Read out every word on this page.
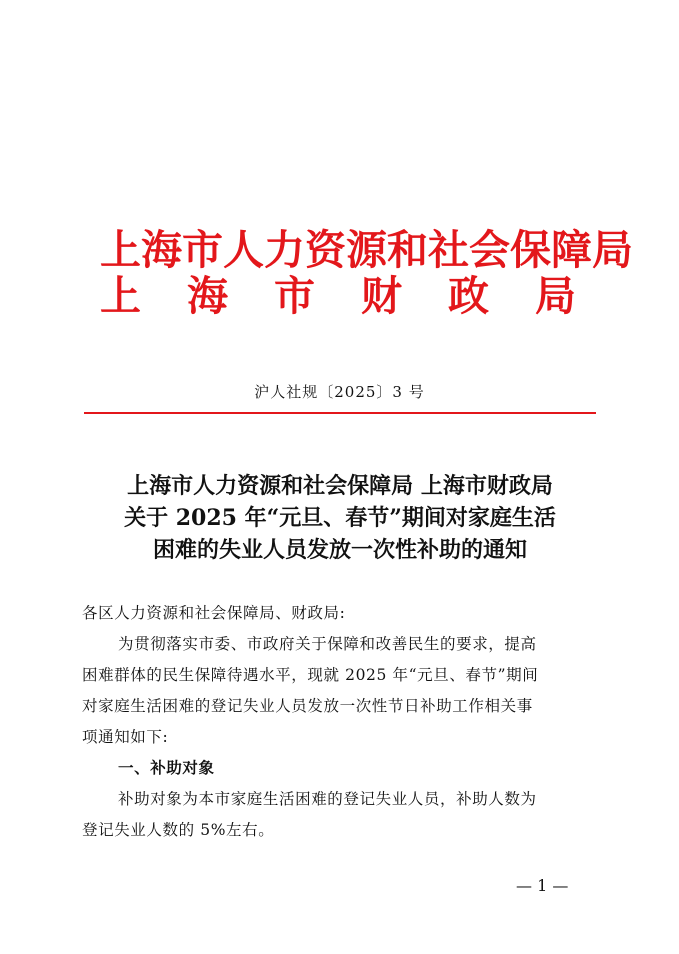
上海市人力资源和社会保障局
上 海 市 财 政 局
沪人社规〔2025〕3 号
上海市人力资源和社会保障局 上海市财政局
关于 2025 年“元旦、春节”期间对家庭生活
困难的失业人员发放一次性补助的通知
各区人力资源和社会保障局、财政局:
为贯彻落实市委、市政府关于保障和改善民生的要求，提高
困难群体的民生保障待遇水平，现就 2025 年“元旦、春节”期间
对家庭生活困难的登记失业人员发放一次性节日补助工作相关事
项通知如下:
一、补助对象
补助对象为本市家庭生活困难的登记失业人员，补助人数为
登记失业人数的 5%左右。
— 1 —
